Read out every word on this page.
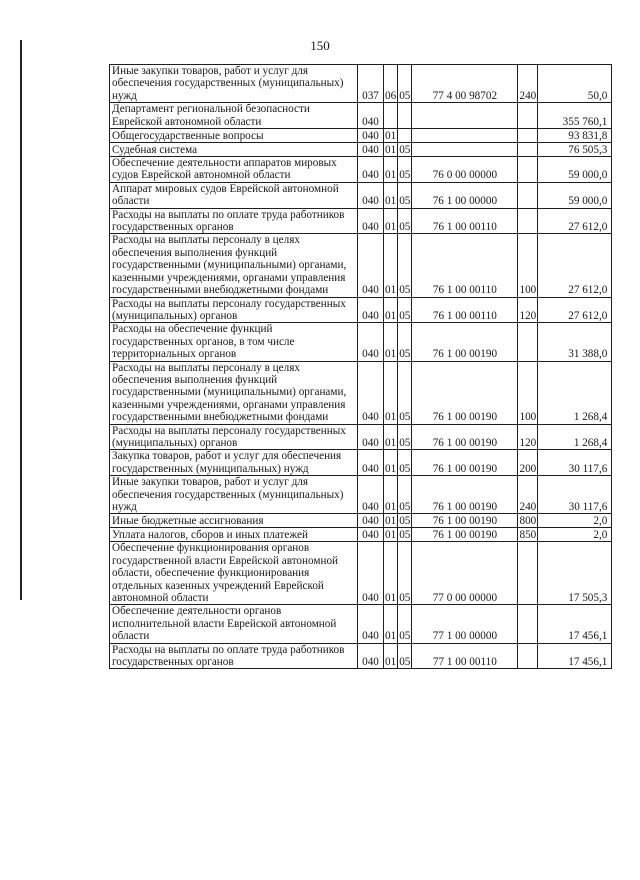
150
Иные закупки товаров, работ и услуг для обеспечения государственных (муниципальных) нужд	037	06	05	77 4 00 98702	240	50,0
Департамент региональной безопасности Еврейской автономной области	040					355 760,1
Общегосударственные вопросы	040	01				93 831,8
Судебная система	040	01	05			76 505,3
Обеспечение деятельности аппаратов мировых судов Еврейской автономной области	040	01	05	76 0 00 00000		59 000,0
Аппарат мировых судов Еврейской автономной области	040	01	05	76 1 00 00000		59 000,0
Расходы на выплаты по оплате труда работников государственных органов	040	01	05	76 1 00 00110		27 612,0
Расходы на выплаты персоналу в целях обеспечения выполнения функций государственными (муниципальными) органами, казенными учреждениями, органами управления государственными внебюджетными фондами	040	01	05	76 1 00 00110	100	27 612,0
Расходы на выплаты персоналу государственных (муниципальных) органов	040	01	05	76 1 00 00110	120	27 612,0
Расходы на обеспечение функций государственных органов, в том числе территориальных органов	040	01	05	76 1 00 00190		31 388,0
Расходы на выплаты персоналу в целях обеспечения выполнения функций государственными (муниципальными) органами, казенными учреждениями, органами управления государственными внебюджетными фондами	040	01	05	76 1 00 00190	100	1 268,4
Расходы на выплаты персоналу государственных (муниципальных) органов	040	01	05	76 1 00 00190	120	1 268,4
Закупка товаров, работ и услуг для обеспечения государственных (муниципальных) нужд	040	01	05	76 1 00 00190	200	30 117,6
Иные закупки товаров, работ и услуг для обеспечения государственных (муниципальных) нужд	040	01	05	76 1 00 00190	240	30 117,6
Иные бюджетные ассигнования	040	01	05	76 1 00 00190	800	2,0
Уплата налогов, сборов и иных платежей	040	01	05	76 1 00 00190	850	2,0
Обеспечение функционирования органов государственной власти Еврейской автономной области, обеспечение функционирования отдельных казенных учреждений Еврейской автономной области	040	01	05	77 0 00 00000		17 505,3
Обеспечение деятельности органов исполнительной власти Еврейской автономной области	040	01	05	77 1 00 00000		17 456,1
Расходы на выплаты по оплате труда работников государственных органов	040	01	05	77 1 00 00110		17 456,1
